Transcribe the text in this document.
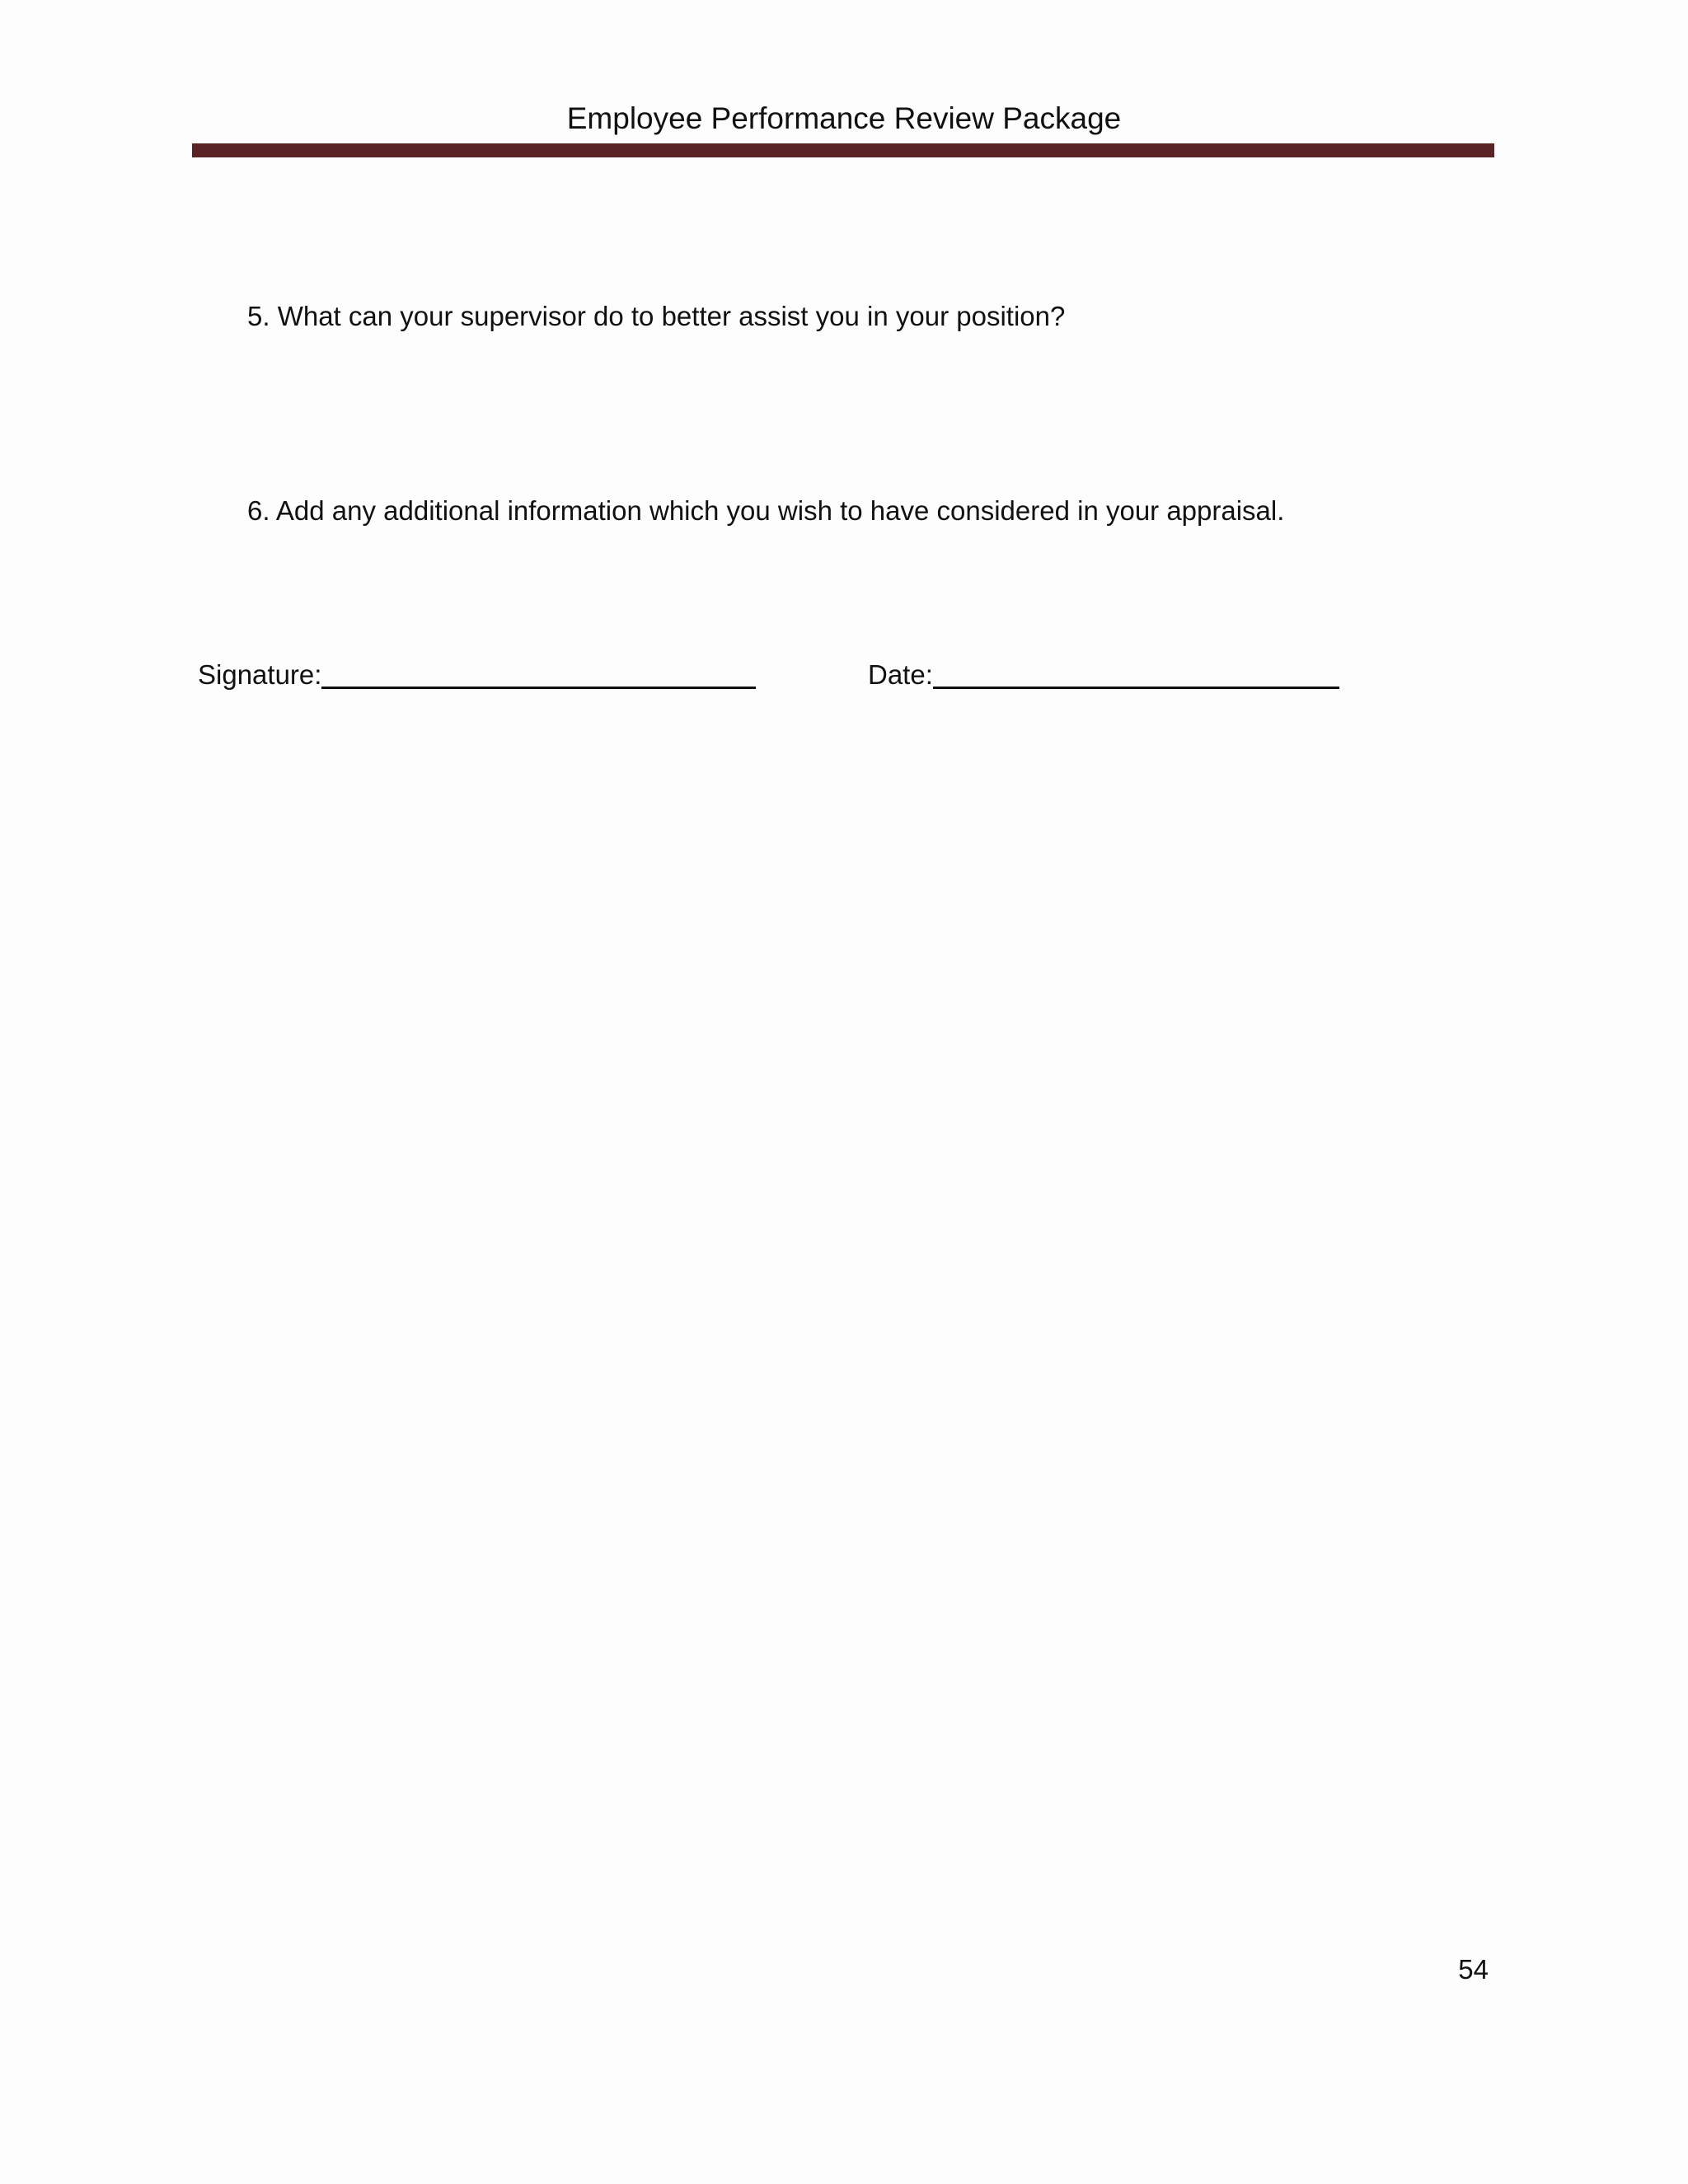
Employee Performance Review Package
5. What can your supervisor do to better assist you in your position?
6. Add any additional information which you wish to have considered in your appraisal.
Signature:	Date:
54
